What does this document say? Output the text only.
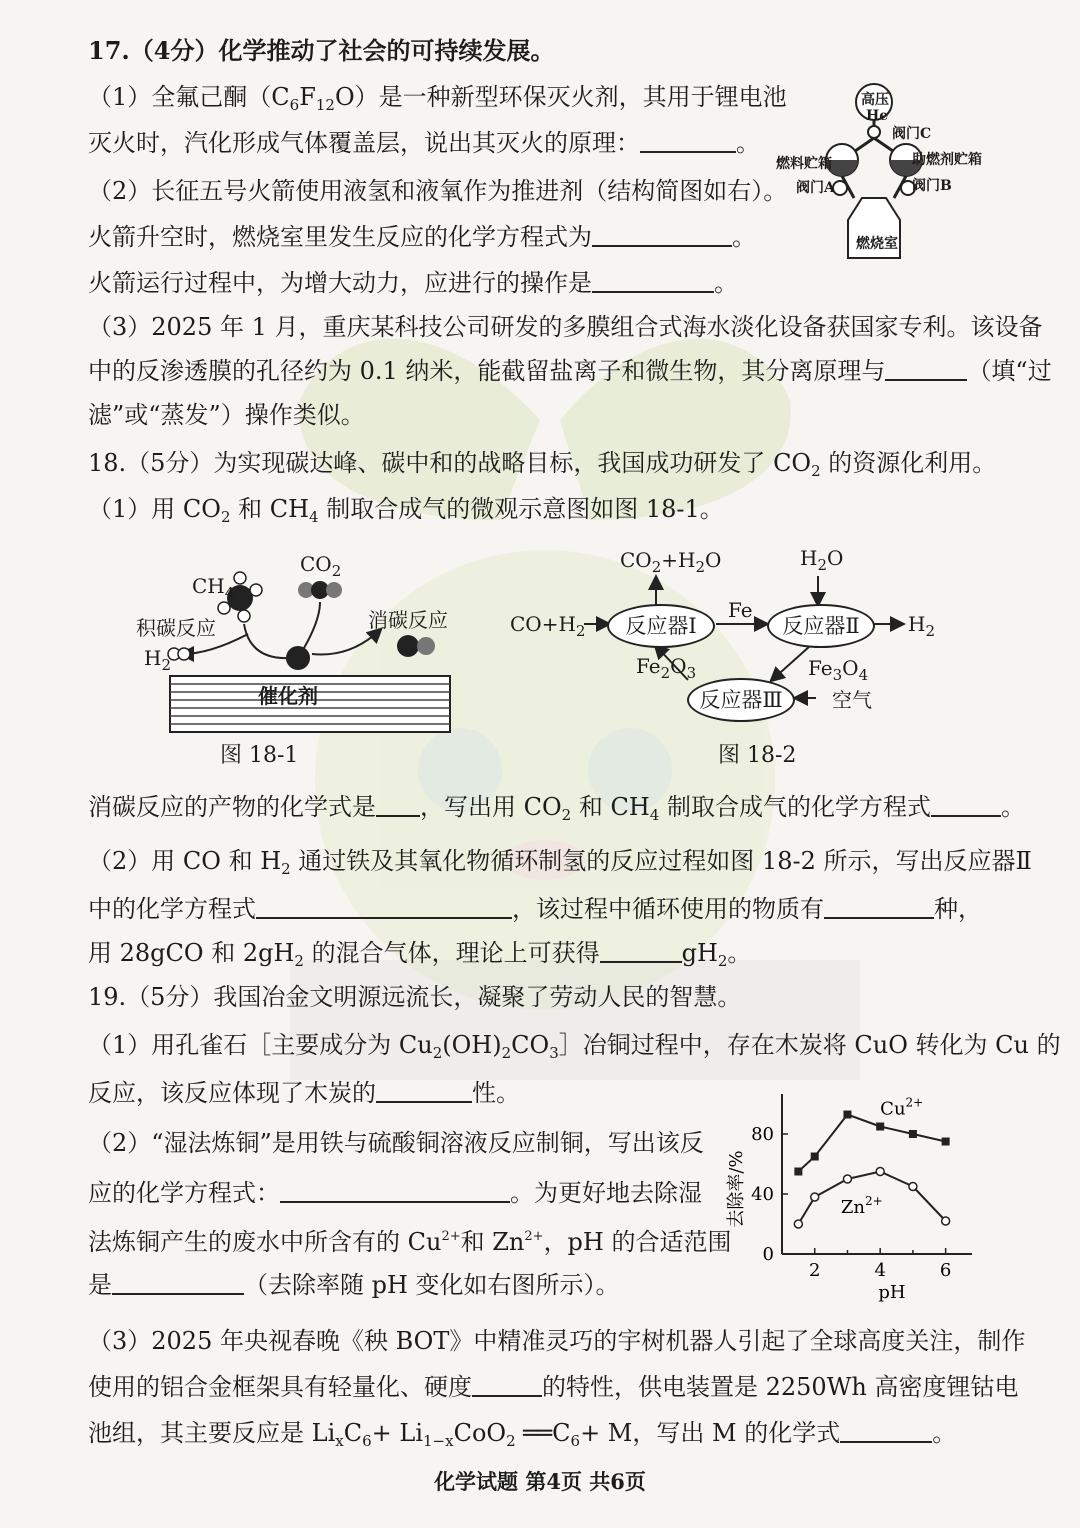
17.（4分）化学推动了社会的可持续发展。
（1）全氟己酮$(C_6F_{12}O)$是一种新型环保灭火剂，其用于锂电池
灭火时，汽化形成气体覆盖层，说出其灭火的原理：	。
（2）长征五号火箭使用液氢和液氧作为推进剂（结构简图如右）。
火箭升空时，燃烧室里发生反应的化学方程式为	。
火箭运行过程中，为增大动力，应进行的操作是	。
（3）2025 年 1 月，重庆某科技公司研发的多膜组合式海水淡化设备获国家专利。该设备
中的反渗透膜的孔径约为 0.1 纳米，能截留盐离子和微生物，其分离原理与	（填“过
滤”或“蒸发”）操作类似。
高压
He
阀门C
燃料贮箱	助燃剂贮箱
阀门A	阀门B
燃烧室
18.（5分）为实现碳达峰、碳中和的战略目标，我国成功研发了 $CO_2$ 的资源化利用。
（1）用 $CO_2$ 和 $CH_4$ 制取合成气的微观示意图如图 18-1。
$CH_4$
$CO_2$
积碳反应	消碳反应
$H_2$
催化剂
图 18-1
反应器Ⅰ	反应器Ⅱ
反应器Ⅲ
$CO_2+H_2O$	$H_2O$
$CO+H_2$
Fe
$H_2$
$Fe_2O_3$	$Fe_3O_4$
空气
图 18-2
消碳反应的产物的化学式是 ，写出用 $CO_2$ 和 $CH_4$ 制取合成气的化学方程式	。
（2）用 CO 和 $H_2$ 通过铁及其氧化物循环制氢的反应过程如图 18-2 所示，写出反应器Ⅱ
中的化学方程式	，该过程中循环使用的物质有	种，
用 28gCO 和 $2gH_2$ 的混合气体，理论上可获得	$gH_2$。
19.（5分）我国冶金文明源远流长，凝聚了劳动人民的智慧。
（1）用孔雀石［主要成分为 $Cu_2(OH)_2CO_3]$冶铜过程中，存在木炭将 CuO 转化为 Cu 的
反应，该反应体现了木炭的	性。
（2）“湿法炼铜”是用铁与硫酸铜溶液反应制铜，写出该反
应的化学方程式：	。为更好地去除湿
法炼铜产生的废水中所含有的 $Cu^{2+}$和 $Zn^{2+}$，pH 的合适范围
是	（去除率随 pH 变化如右图所示）。
0
40
80
2	4	6
pH
去除率/%
$Cu^{2+}$
$Zn^{2+}$
（3）2025 年央视春晚《秧 BOT》中精准灵巧的宇树机器人引起了全球高度关注，制作
使用的铝合金框架具有轻量化、硬度	的特性，供电装置是 2250Wh 高密度锂钴电
池组，其主要反应是 $Li_xC_6+ Li_{1-x}CoO_2$ $══C_6+ M$，写出 M 的化学式	。
化学试题 第4页 共6页
